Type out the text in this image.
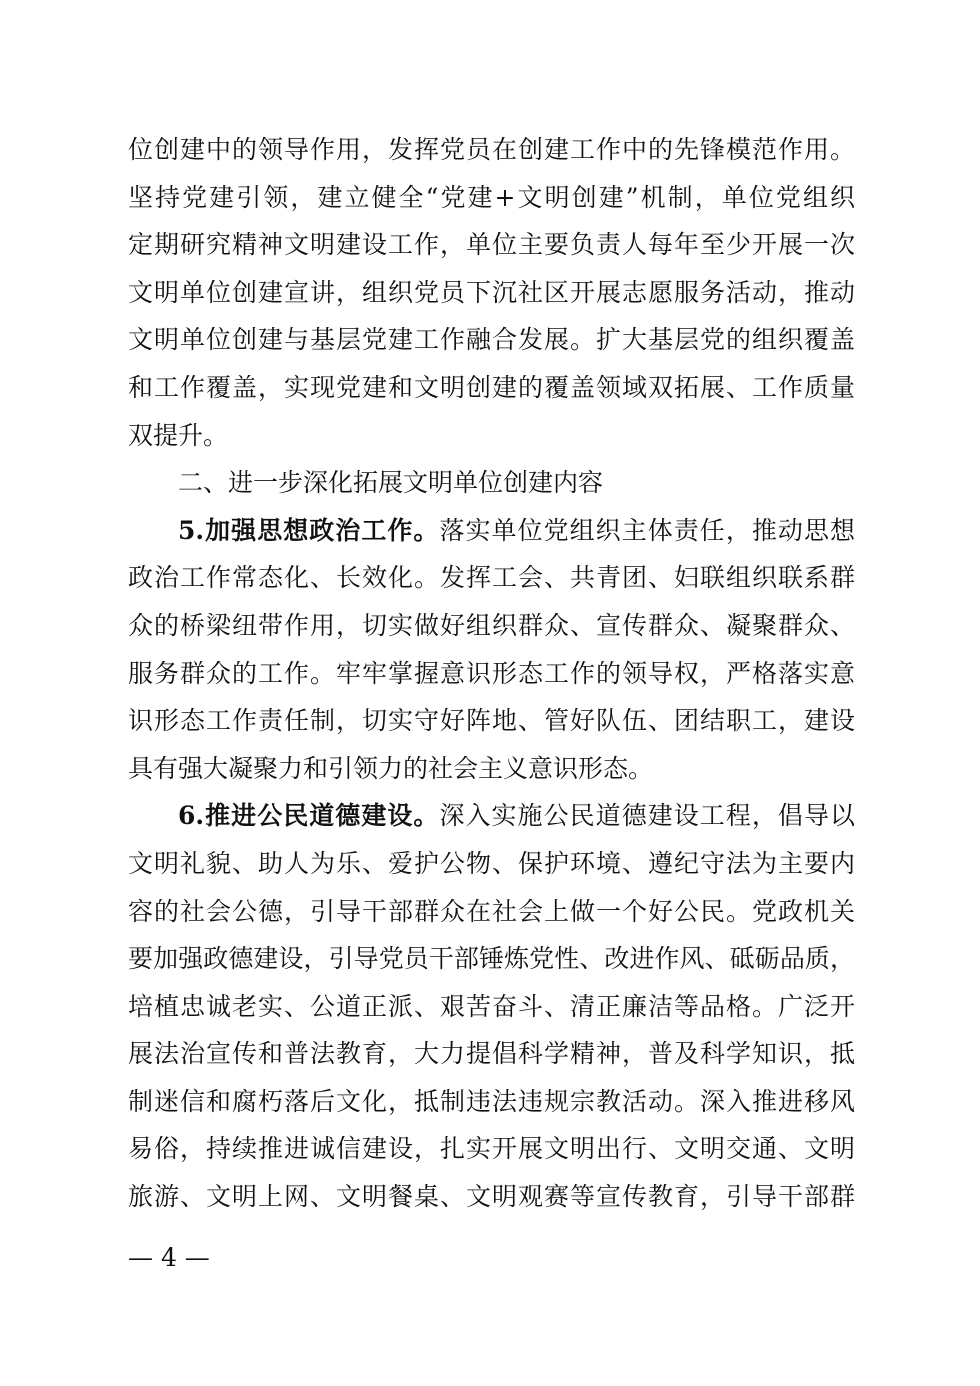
位创建中的领导作用，发挥党员在创建工作中的先锋模范作用。
坚持党建引领，建立健全“党建+文明创建”机制，单位党组织
定期研究精神文明建设工作，单位主要负责人每年至少开展一次
文明单位创建宣讲，组织党员下沉社区开展志愿服务活动，推动
文明单位创建与基层党建工作融合发展。扩大基层党的组织覆盖
和工作覆盖，实现党建和文明创建的覆盖领域双拓展、工作质量
双提升。
二、进一步深化拓展文明单位创建内容
5.加强思想政治工作。落实单位党组织主体责任，推动思想
政治工作常态化、长效化。发挥工会、共青团、妇联组织联系群
众的桥梁纽带作用，切实做好组织群众、宣传群众、凝聚群众、
服务群众的工作。牢牢掌握意识形态工作的领导权，严格落实意
识形态工作责任制，切实守好阵地、管好队伍、团结职工，建设
具有强大凝聚力和引领力的社会主义意识形态。
6.推进公民道德建设。深入实施公民道德建设工程，倡导以
文明礼貌、助人为乐、爱护公物、保护环境、遵纪守法为主要内
容的社会公德，引导干部群众在社会上做一个好公民。党政机关
要加强政德建设，引导党员干部锤炼党性、改进作风、砥砺品质，
培植忠诚老实、公道正派、艰苦奋斗、清正廉洁等品格。广泛开
展法治宣传和普法教育，大力提倡科学精神，普及科学知识，抵
制迷信和腐朽落后文化，抵制违法违规宗教活动。深入推进移风
易俗，持续推进诚信建设，扎实开展文明出行、文明交通、文明
旅游、文明上网、文明餐桌、文明观赛等宣传教育，引导干部群
— 4 —
